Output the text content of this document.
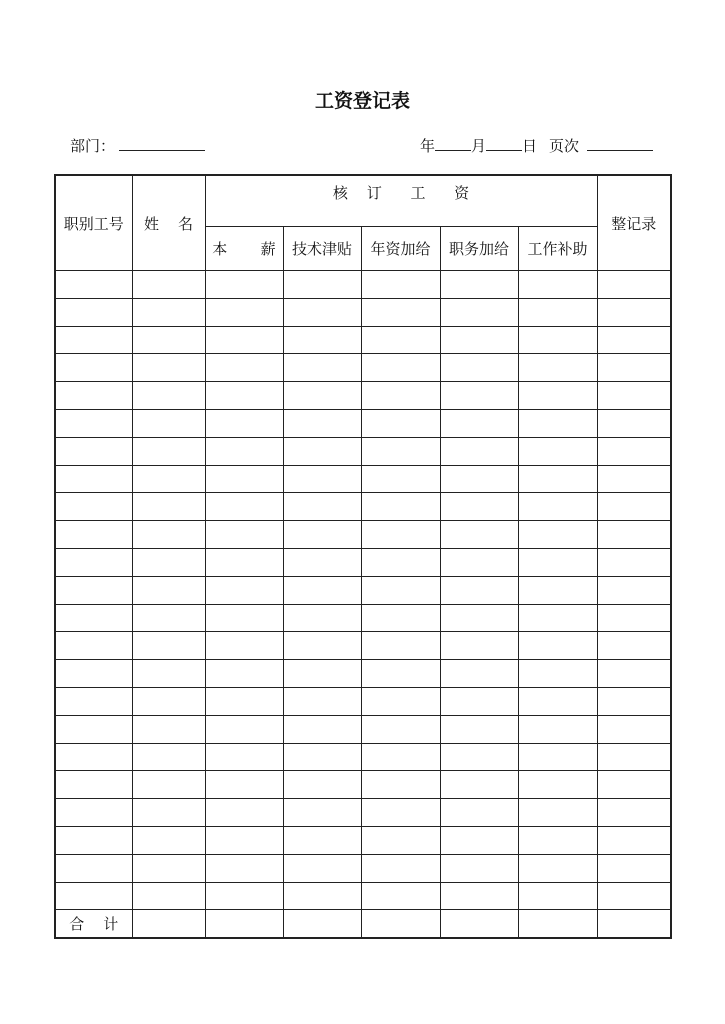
工资登记表
部门：	年 月 日 页次
职别工号	姓    名	核    订      工      资					整记录
		本       薪	技术津贴	年资加给	职务加给	工作补助	

合    计							
